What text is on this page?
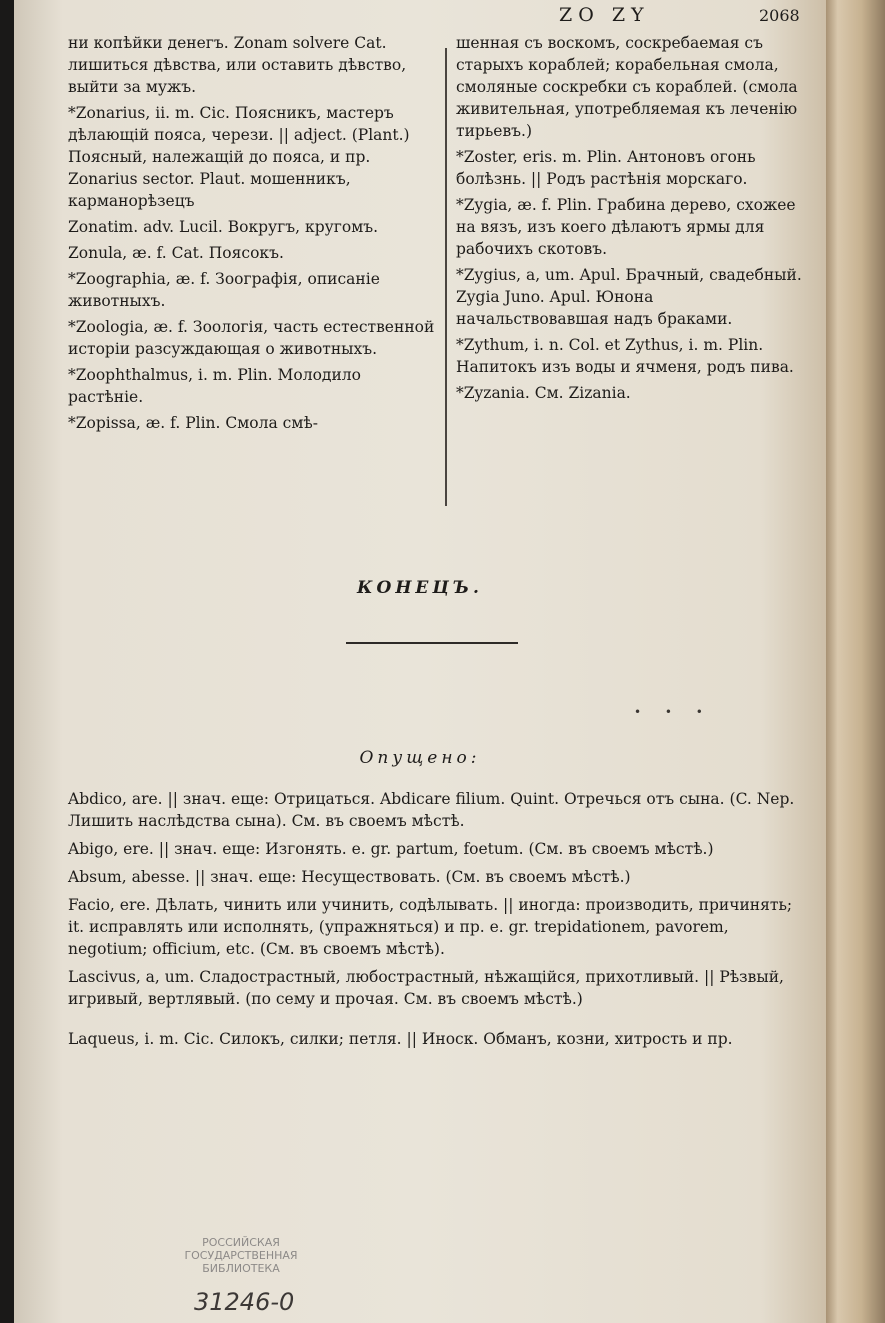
ZO ZY	2068

ни копѣйки денегъ. Zonam solvere Cat. лишиться дѣвства, или оставить дѣвство, выйти за мужъ.

*Zonarius, ii. m. Cic. Поясникъ, мастеръ дѣлающій пояса, черези. || adject. (Plant.) Поясный, належащій до пояса, и пр. Zonarius sector. Plaut. мошенникъ, карманорѣзецъ

Zonatim. adv. Lucil. Вокругъ, кругомъ.

Zonula, æ. f. Cat. Поясокъ.

*Zoographia, æ. f. Зоографія, описаніе животныхъ.

*Zoologia, æ. f. Зоологія, часть естественной исторіи разсуждающая о животныхъ.

*Zoophthalmus, i. m. Plin. Молодило растѣніе.

*Zopissa, æ. f. Plin. Смола смѣ-

шенная съ воскомъ, соскребаемая съ старыхъ кораблей; корабельная смола, смоляные соскребки съ кораблей. (смола живительная, употребляемая къ леченію тирьевъ.)

*Zoster, eris. m. Plin. Антоновъ огонь болѣзнь. || Родъ растѣнія морскаго.

*Zygia, æ. f. Plin. Грабина дерево, схожее на вязъ, изъ коего дѣлаютъ ярмы для рабочихъ скотовъ.

*Zygius, a, um. Apul. Брачный, свадебный. Zygia Juno. Apul. Юнона начальствовавшая надъ браками.

*Zythum, i. n. Col. et Zythus, i. m. Plin. Напитокъ изъ воды и ячменя, родъ пива.

*Zyzania. См. Zizania.

КОНЕЦЪ.
• • •
Опущено:

Abdico, are. || знач. еще: Отрицаться. Abdicare filium. Quint. Отречься отъ сына. (C. Nep. Лишить наслѣдства сына). См. въ своемъ мѣстѣ.

Abigo, ere. || знач. еще: Изгонять. e. gr. partum, foetum. (См. въ своемъ мѣстѣ.)

Absum, abesse. || знач. еще: Несуществовать. (См. въ своемъ мѣстѣ.)

Facio, ere. Дѣлать, чинить или учинить, содѣлывать. || иногда: производить, причинять; it. исправлять или исполнять, (упражняться) и пр. e. gr. trepidationem, pavorem, negotium; officium, etc. (См. въ своемъ мѣстѣ).

Lascivus, a, um. Сладострастный, любострастный, нѣжащійся, прихотливый. || Рѣзвый, игривый, вертлявый. (по сему и прочая. См. въ своемъ мѣстѣ.)

Laqueus, i. m. Cic. Силокъ, силки; петля. || Иноск. Обманъ, козни, хитрость и пр.

РОССИЙСКАЯ
ГОСУДАРСТВЕННАЯ
БИБЛИОТЕКА
31246-0
